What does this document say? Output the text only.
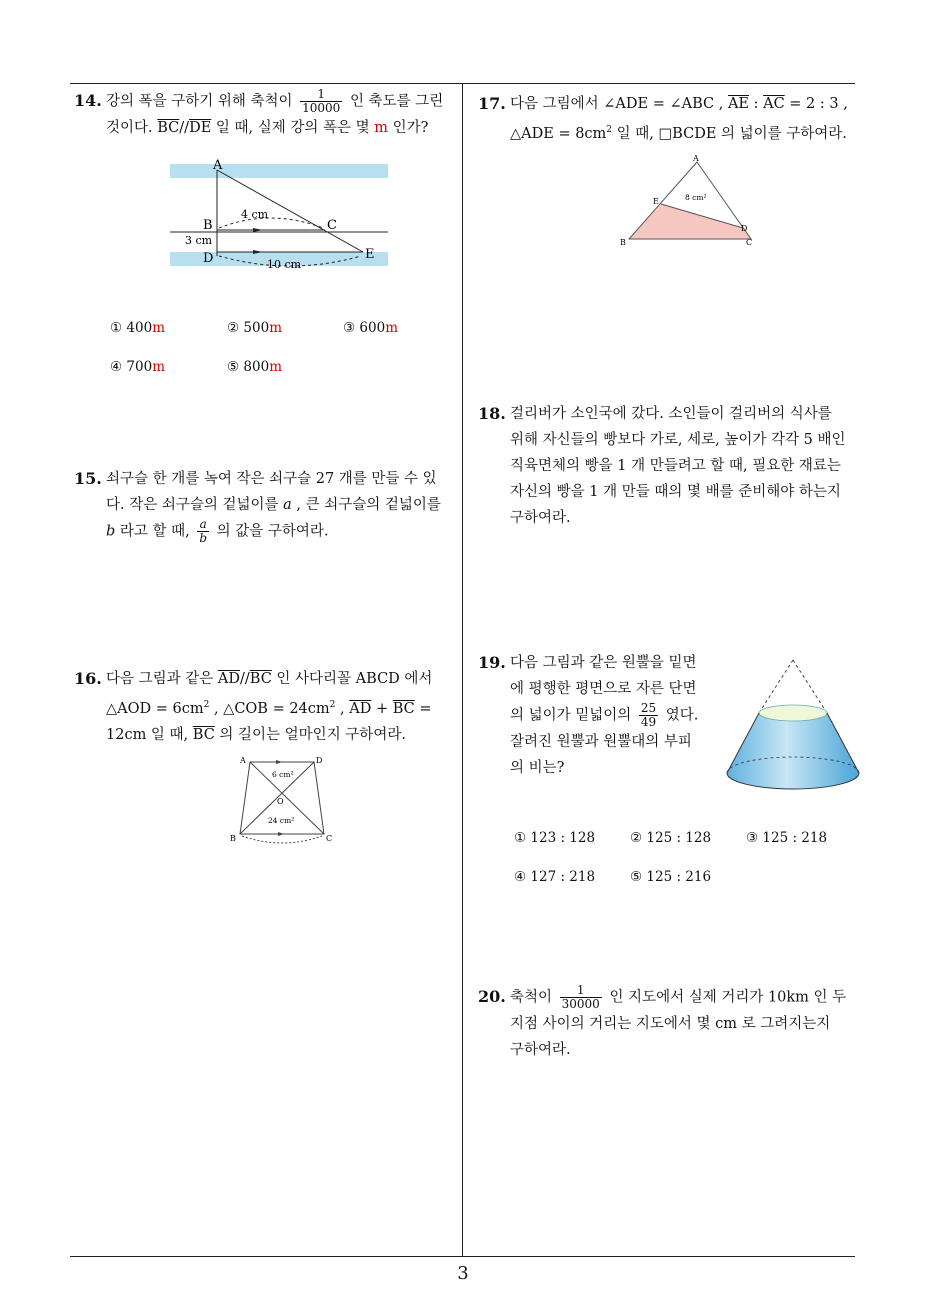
14. 강의 폭을 구하기 위해 축척이 $\frac{1}{10000}$ 인 축도를 그린

것이다. $\overline{BC}//\overline{DE}$ 일 때, 실제 강의 폭은 몇 m 인가?

A
B	C
D	E
4 cm
3 cm
10 cm
① 400m	② 500m	③ 600m
④ 700m	⑤ 800m
15. 쇠구슬 한 개를 녹여 작은 쇠구슬 27 개를 만들 수 있

다. 작은 쇠구슬의 겉넓이를 a , 큰 쇠구슬의 겉넓이를

b 라고 할 때, $\frac{a}{b}$ 의 값을 구하여라.

16. 다음 그림과 같은 $\overline{AD}//\overline{BC}$ 인 사다리꼴 ABCD 에서

△AOD = $6cm^2$ , △COB = $24cm^2$ , $\overline{AD} + \overline{BC}$ =

12cm 일 때, $\overline{BC}$ 의 길이는 얼마인지 구하여라.

A	D
B	C
O
6 cm²
24 cm²
17. 다음 그림에서 ∠ADE = ∠ABC , $\overline{AE}$ : $\overline{AC} = 2$ : 3 ,

△ADE = $8cm^2$ 일 때, □BCDE 의 넓이를 구하여라.

A
E
D
B	C
8 cm²
18. 걸리버가 소인국에 갔다. 소인들이 걸리버의 식사를

위해 자신들의 빵보다 가로, 세로, 높이가 각각 5 배인

직육면체의 빵을 1 개 만들려고 할 때, 필요한 재료는

자신의 빵을 1 개 만들 때의 몇 배를 준비해야 하는지

구하여라.

19. 다음 그림과 같은 원뿔을 밑면

에 평행한 평면으로 자른 단면

의 넓이가 밑넓이의 $\frac{25}{49}$ 였다.

잘려진 원뿔과 원뿔대의 부피

의 비는?

① 123 : 128	② 125 : 128	③ 125 : 218
④ 127 : 218	⑤ 125 : 216
20. 축척이 $\frac{1}{30000}$ 인 지도에서 실제 거리가 10km 인 두

지점 사이의 거리는 지도에서 몇 cm 로 그려지는지

구하여라.

3
